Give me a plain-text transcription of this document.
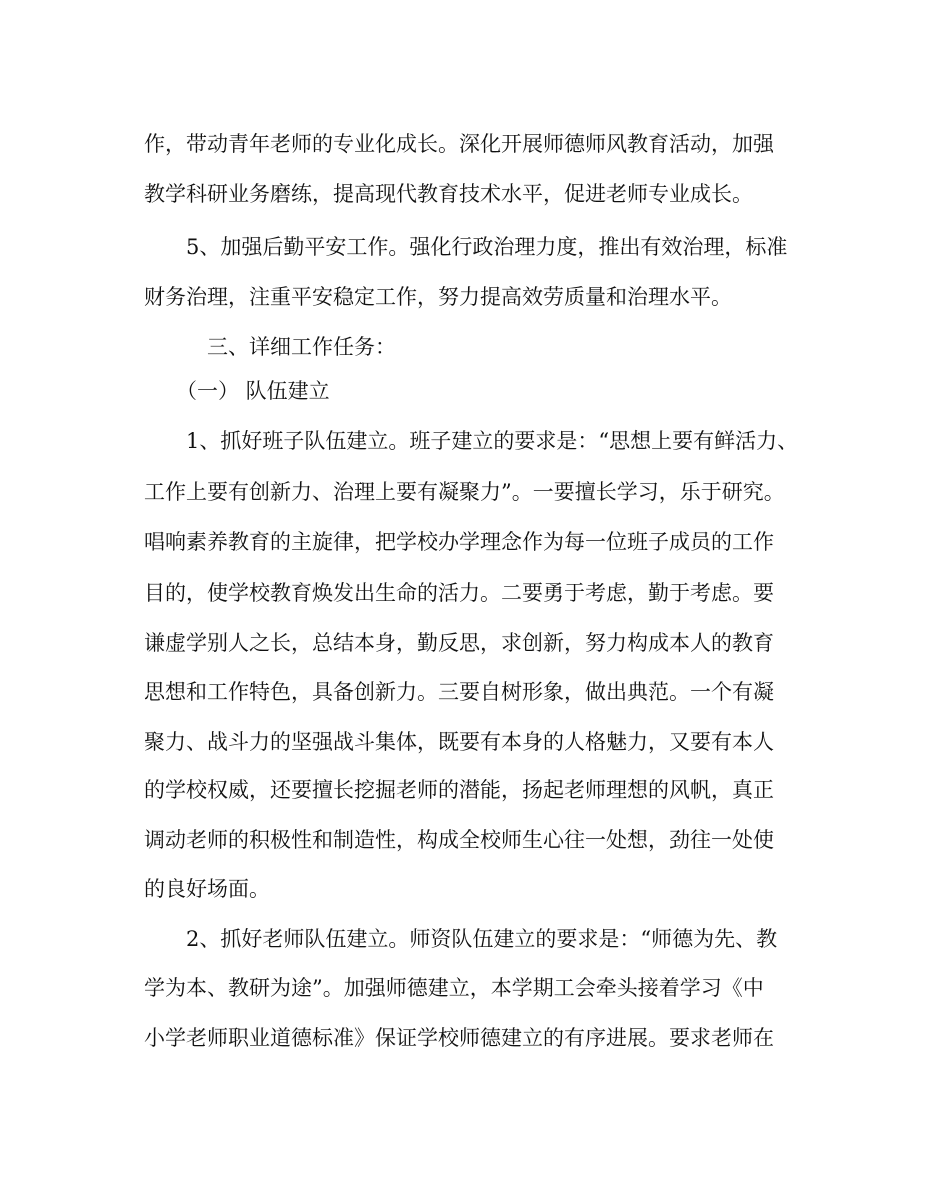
作，带动青年老师的专业化成长。深化开展师德师风教育活动，加强
教学科研业务磨练，提高现代教育技术水平，促进老师专业成长。
5、加强后勤平安工作。强化行政治理力度，推出有效治理，标准
财务治理，注重平安稳定工作，努力提高效劳质量和治理水平。
三、详细工作任务：
（一） 队伍建立
1、抓好班子队伍建立。班子建立的要求是：“思想上要有鲜活力、
工作上要有创新力、治理上要有凝聚力”。一要擅长学习，乐于研究。
唱响素养教育的主旋律，把学校办学理念作为每一位班子成员的工作
目的，使学校教育焕发出生命的活力。二要勇于考虑，勤于考虑。要
谦虚学别人之长，总结本身，勤反思，求创新，努力构成本人的教育
思想和工作特色，具备创新力。三要自树形象，做出典范。一个有凝
聚力、战斗力的坚强战斗集体，既要有本身的人格魅力，又要有本人
的学校权威，还要擅长挖掘老师的潜能，扬起老师理想的风帆，真正
调动老师的积极性和制造性，构成全校师生心往一处想，劲往一处使
的良好场面。
2、抓好老师队伍建立。师资队伍建立的要求是：“师德为先、教
学为本、教研为途”。加强师德建立，本学期工会牵头接着学习《中
小学老师职业道德标准》保证学校师德建立的有序进展。要求老师在
